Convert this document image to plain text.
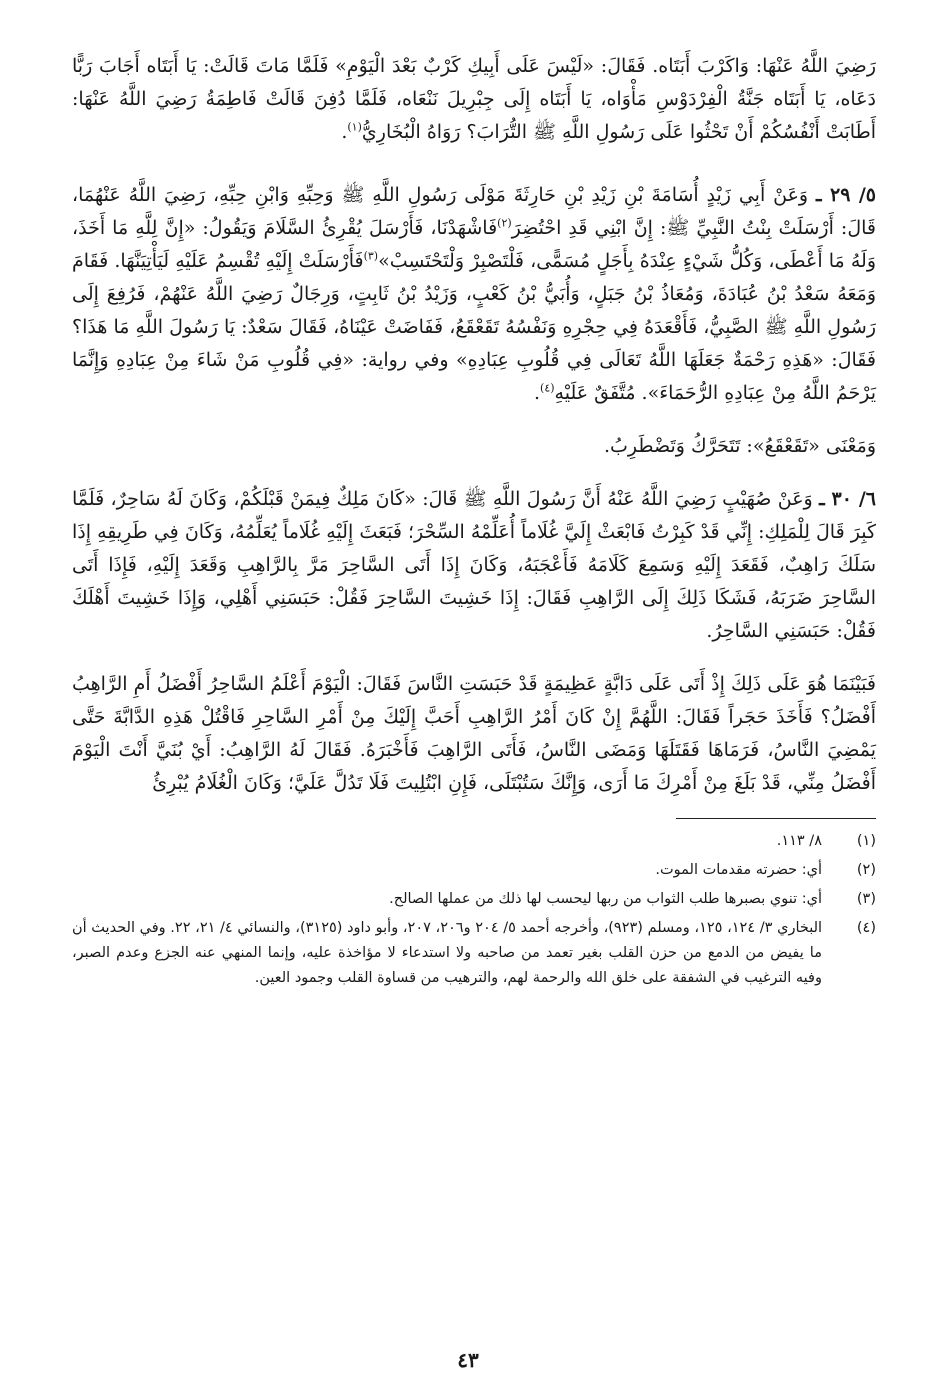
رَضِيَ اللَّهُ عَنْهَا: وَاكَرْبَ أَبَتَاه. فَقَالَ: «لَيْسَ عَلَى أَبِيكِ كَرْبٌ بَعْدَ الْيَوْمِ» فَلَمَّا مَاتَ قَالَتْ: يَا أَبَتَاه أَجَابَ رَبًّا دَعَاه، يَا أَبَتَاه جَنَّةُ الْفِرْدَوْسِ مَأْوَاه، يَا أَبَتَاه إِلَى جِبْرِيلَ نَنْعَاه، فَلَمَّا دُفِنَ قَالَتْ فَاطِمَةُ رَضِيَ اللَّهُ عَنْهَا: أَطَابَتْ أَنْفُسُكُمْ أَنْ تَحْثُوا عَلَى رَسُولِ اللَّهِ ﷺ التُّرَابَ؟ رَوَاهُ الْبُخَارِيُّ$^{(١)}$.

٥/ ٢٩ ـ وَعَنْ أَبِي زَيْدٍ أُسَامَةَ بْنِ زَيْدِ بْنِ حَارِثَةَ مَوْلَى رَسُولِ اللَّهِ ﷺ وَحِبِّهِ وَابْنِ حِبِّهِ، رَضِيَ اللَّهُ عَنْهُمَا، قَالَ: أَرْسَلَتْ بِنْتُ النَّبِيِّ ﷺ: إِنَّ ابْنِي قَدِ احْتُضِرَ$^{(٢)}$فَاشْهَدْنَا، فَأَرْسَلَ يُقْرِئُ السَّلَامَ وَيَقُولُ: «إِنَّ لِلَّهِ مَا أَخَذَ، وَلَهُ مَا أَعْطَى، وَكُلُّ شَيْءٍ عِنْدَهُ بِأَجَلٍ مُسَمًّى، فَلْتَصْبِرْ وَلْتَحْتَسِبْ»$^{(٣)}$فَأَرْسَلَتْ إِلَيْهِ تُقْسِمُ عَلَيْهِ لَيَأْتِيَنَّهَا. فَقَامَ وَمَعَهُ سَعْدُ بْنُ عُبَادَةَ، وَمُعَاذُ بْنُ جَبَلٍ، وَأُبَيُّ بْنُ كَعْبٍ، وَزَيْدُ بْنُ ثَابِتٍ، وَرِجَالٌ رَضِيَ اللَّهُ عَنْهُمْ، فَرُفِعَ إِلَى رَسُولِ اللَّهِ ﷺ الصَّبِيُّ، فَأَقْعَدَهُ فِي حِجْرِهِ وَنَفْسُهُ تَقَعْقَعُ، فَفَاضَتْ عَيْنَاهُ، فَقَالَ سَعْدٌ: يَا رَسُولَ اللَّهِ مَا هَذَا؟ فَقَالَ: «هَذِهِ رَحْمَةٌ جَعَلَهَا اللَّهُ تَعَالَى فِي قُلُوبِ عِبَادِهِ» وفي رواية: «فِي قُلُوبِ مَنْ شَاءَ مِنْ عِبَادِهِ وَإِنَّمَا يَرْحَمُ اللَّهُ مِنْ عِبَادِهِ الرُّحَمَاءَ». مُتَّفَقٌ عَلَيْهِ$^{(٤)}$.

وَمَعْنَى «تَقَعْقَعُ»: تَتَحَرَّكُ وَتَضْطَرِبُ.

٦/ ٣٠ ـ وَعَنْ صُهَيْبٍ رَضِيَ اللَّهُ عَنْهُ أَنَّ رَسُولَ اللَّهِ ﷺ قَالَ: «كَانَ مَلِكٌ فِيمَنْ قَبْلَكُمْ، وَكَانَ لَهُ سَاحِرٌ، فَلَمَّا كَبِرَ قَالَ لِلْمَلِكِ: إِنِّي قَدْ كَبِرْتُ فَابْعَثْ إِلَيَّ غُلَاماً أُعَلِّمْهُ السِّحْرَ؛ فَبَعَثَ إِلَيْهِ غُلَاماً يُعَلِّمُهُ، وَكَانَ فِي طَرِيقِهِ إِذَا سَلَكَ رَاهِبٌ، فَقَعَدَ إِلَيْهِ وَسَمِعَ كَلَامَهُ فَأَعْجَبَهُ، وَكَانَ إِذَا أَتَى السَّاحِرَ مَرَّ بِالرَّاهِبِ وَقَعَدَ إِلَيْهِ، فَإِذَا أَتَى السَّاحِرَ ضَرَبَهُ، فَشَكَا ذَلِكَ إِلَى الرَّاهِبِ فَقَالَ: إِذَا خَشِيتَ السَّاحِرَ فَقُلْ: حَبَسَنِي أَهْلِي، وَإِذَا خَشِيتَ أَهْلَكَ فَقُلْ: حَبَسَنِي السَّاحِرُ.

فَبَيْنَمَا هُوَ عَلَى ذَلِكَ إِذْ أَتَى عَلَى دَابَّةٍ عَظِيمَةٍ قَدْ حَبَسَتِ النَّاسَ فَقَالَ: الْيَوْمَ أَعْلَمُ السَّاحِرُ أَفْضَلُ أَمِ الرَّاهِبُ أَفْضَلُ؟ فَأَخَذَ حَجَراً فَقَالَ: اللَّهُمَّ إِنْ كَانَ أَمْرُ الرَّاهِبِ أَحَبَّ إِلَيْكَ مِنْ أَمْرِ السَّاحِرِ فَاقْتُلْ هَذِهِ الدَّابَّةَ حَتَّى يَمْضِيَ النَّاسُ، فَرَمَاهَا فَقَتَلَهَا وَمَضَى النَّاسُ، فَأَتَى الرَّاهِبَ فَأَخْبَرَهُ. فَقَالَ لَهُ الرَّاهِبُ: أَيْ بُنَيَّ أَنْتَ الْيَوْمَ أَفْضَلُ مِنِّي، قَدْ بَلَغَ مِنْ أَمْرِكَ مَا أَرَى، وَإِنَّكَ سَتُبْتَلَى، فَإِنِ ابْتُلِيتَ فَلَا تَدُلَّ عَلَيَّ؛ وَكَانَ الْغُلَامُ يُبْرِئُ

(١)
٨/ ١١٣.
(٢)
أي: حضرته مقدمات الموت.
(٣)
أي: تنوي بصبرها طلب الثواب من ربها ليحسب لها ذلك من عملها الصالح.
(٤)
البخاري ٣/ ١٢٤، ١٢٥، ومسلم (٩٢٣)، وأخرجه أحمد ٥/ ٢٠٤ و٢٠٦، ٢٠٧، وأبو داود (٣١٢٥)، والنسائي ٤/ ٢١، ٢٢. وفي الحديث أن ما يفيض من الدمع من حزن القلب بغير تعمد من صاحبه ولا استدعاء لا مؤاخذة عليه، وإنما المنهي عنه الجزع وعدم الصبر، وفيه الترغيب في الشفقة على خلق الله والرحمة لهم، والترهيب من قساوة القلب وجمود العين.
٤٣
